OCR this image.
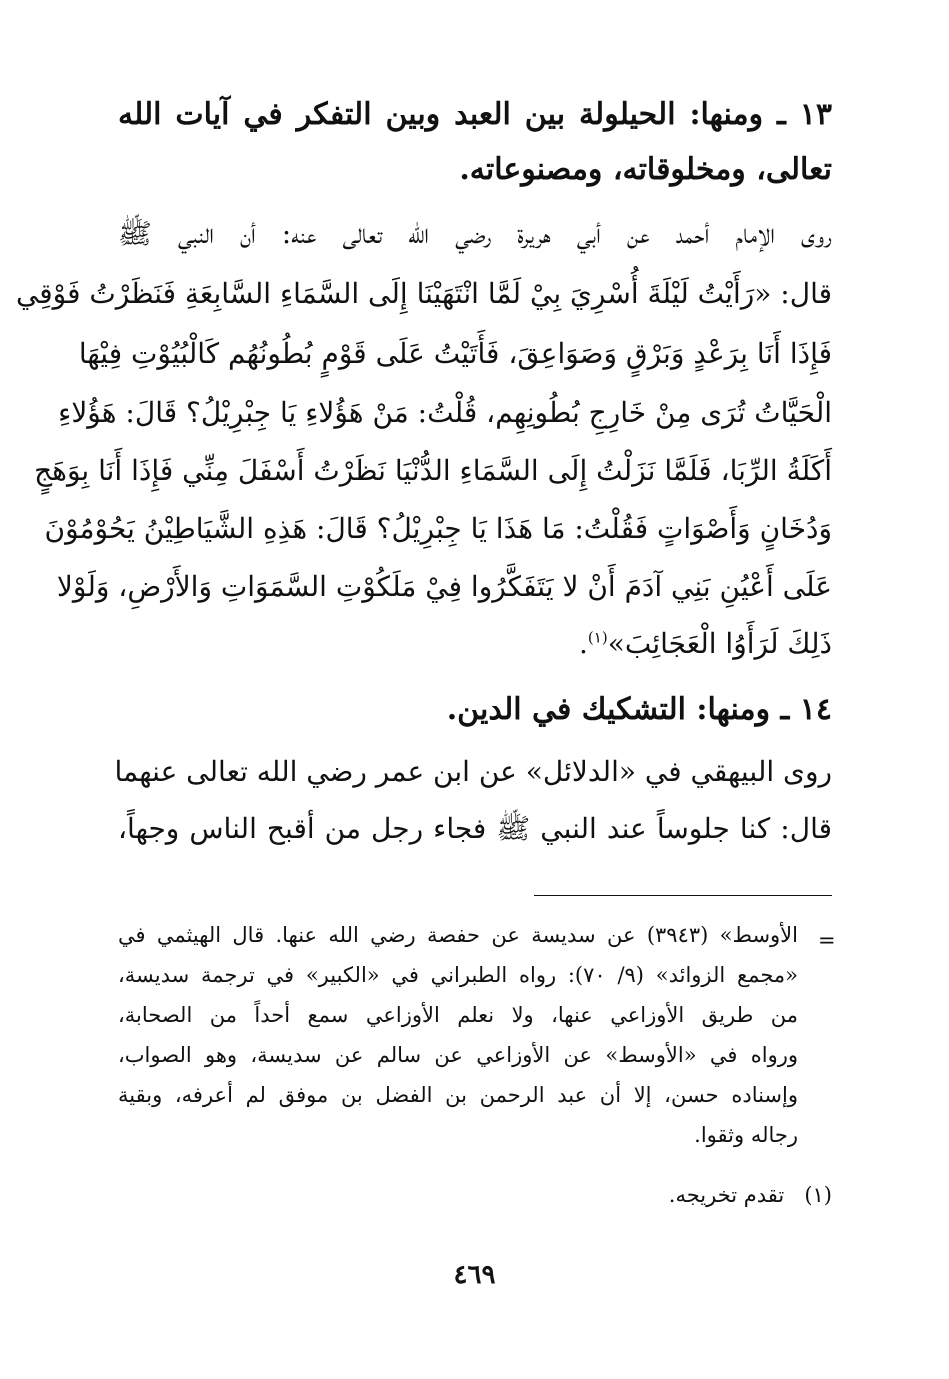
١٣ ـ ومنها: الحيلولة بين العبد وبين التفكر في آيات الله
تعالى، ومخلوقاته، ومصنوعاته.
روى الإمام أحمد عن أبي هريرة رضي الله تعالى عنه: أن النبي ﷺ
قال: «رَأَيْتُ لَيْلَةَ أُسْرِيَ بِيْ لَمَّا انْتَهَيْنَا إِلَى السَّمَاءِ السَّابِعَةِ فَنَظَرْتُ فَوْقِي
فَإِذَا أَنَا بِرَعْدٍ وَبَرْقٍ وَصَوَاعِقَ، فَأَتَيْتُ عَلَى قَوْمٍ بُطُونُهُم كَالْبُيُوْتِ فِيْهَا
الْحَيَّاتُ تُرَى مِنْ خَارِجِ بُطُونِهِم، قُلْتُ: مَنْ هَؤُلاءِ يَا جِبْرِيْلُ؟ قَالَ: هَؤُلاءِ
أَكَلَةُ الرِّبَا، فَلَمَّا نَزَلْتُ إِلَى السَّمَاءِ الدُّنْيَا نَظَرْتُ أَسْفَلَ مِنِّي فَإِذَا أَنَا بِوَهَجٍ
وَدُخَانٍ وَأَصْوَاتٍ فَقُلْتُ: مَا هَذَا يَا جِبْرِيْلُ؟ قَالَ: هَذِهِ الشَّيَاطِيْنُ يَحُوْمُوْنَ
عَلَى أَعْيُنِ بَنِي آدَمَ أَنْ لا يَتَفَكَّرُوا فِيْ مَلَكُوْتِ السَّمَوَاتِ وَالأَرْضِ، وَلَوْلا
ذَلِكَ لَرَأَوُا الْعَجَائِبَ»$^{(١)}$.
١٤ ـ ومنها: التشكيك في الدين.
روى البيهقي في «الدلائل» عن ابن عمر رضي الله تعالى عنهما
قال: كنا جلوساً عند النبي ﷺ فجاء رجل من أقبح الناس وجهاً،
=
الأوسط» (٣٩٤٣) عن سديسة عن حفصة رضي الله عنها. قال الهيثمي في
«مجمع الزوائد» (٩/ ٧٠): رواه الطبراني في «الكبير» في ترجمة سديسة،
من طريق الأوزاعي عنها، ولا نعلم الأوزاعي سمع أحداً من الصحابة،
ورواه في «الأوسط» عن الأوزاعي عن سالم عن سديسة، وهو الصواب،
وإسناده حسن، إلا أن عبد الرحمن بن الفضل بن موفق لم أعرفه، وبقية
رجاله وثقوا.
(١)   تقدم تخريجه.
٤٦٩
